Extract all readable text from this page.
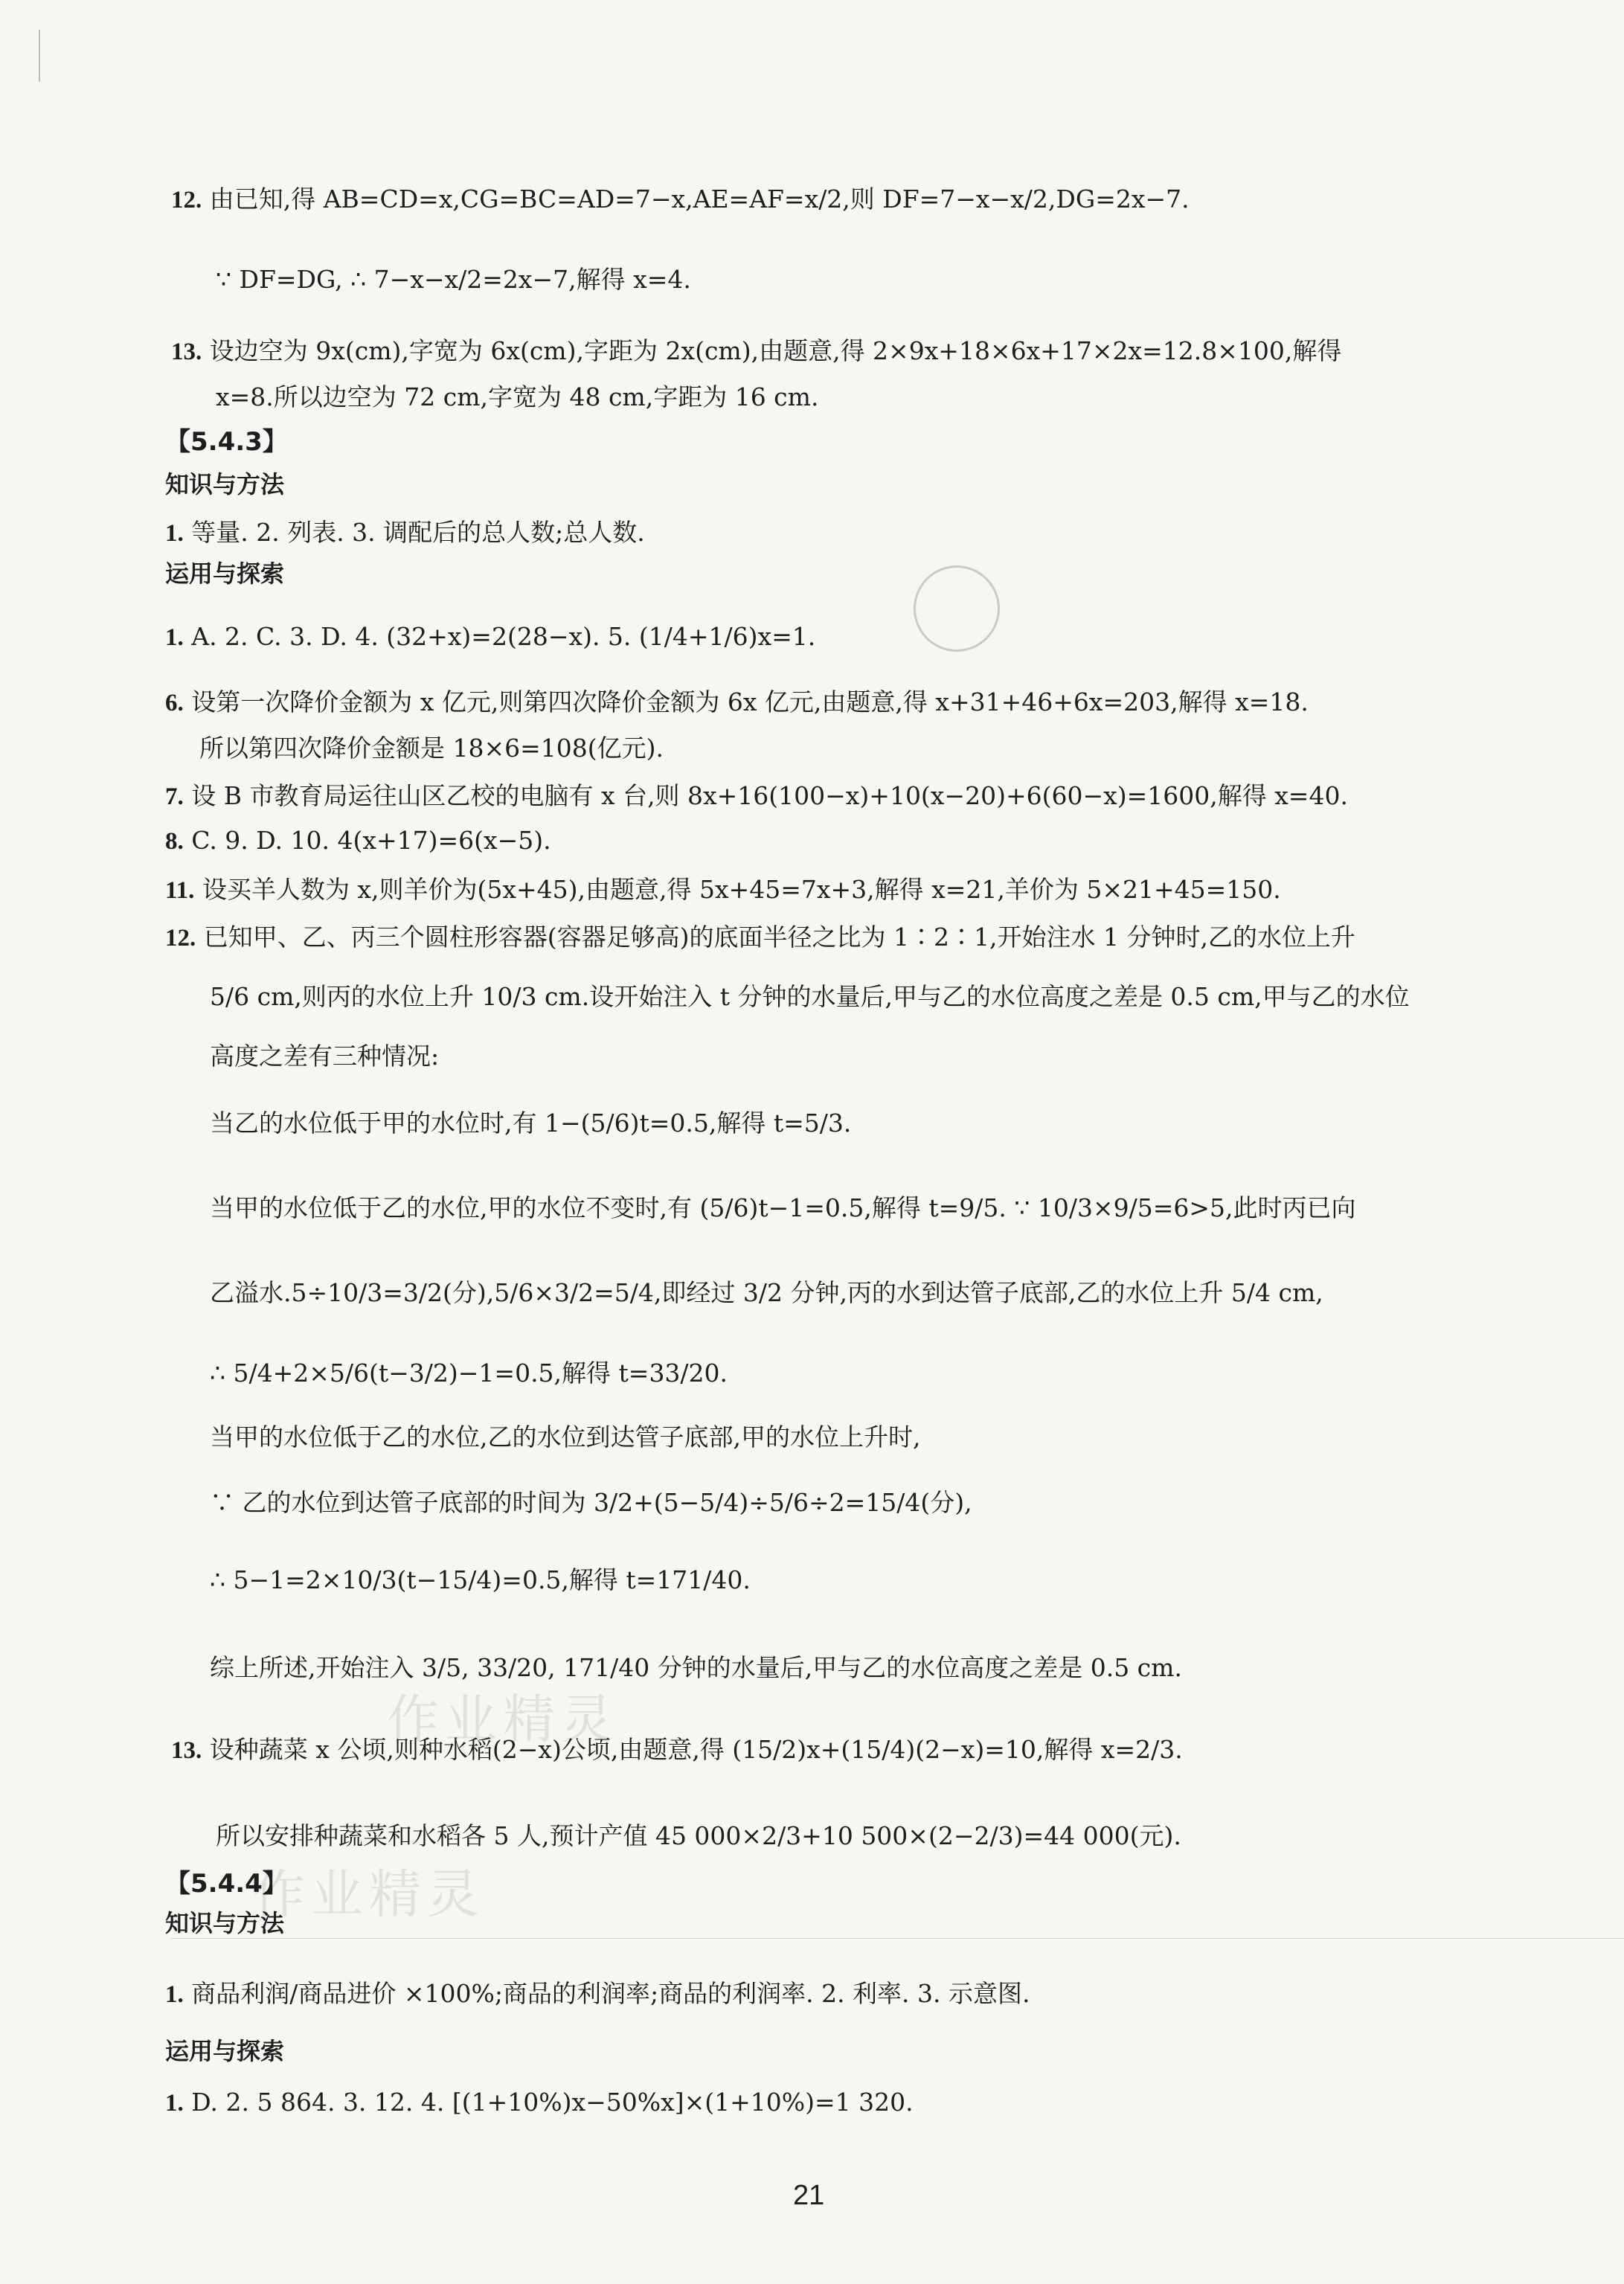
作业精灵
作业精灵
12. 由已知,得 AB=CD=x,CG=BC=AD=7−x,AE=AF=x/2,则 DF=7−x−x/2,DG=2x−7.
∵ DF=DG, ∴ 7−x−x/2=2x−7,解得 x=4.
13. 设边空为 9x(cm),字宽为 6x(cm),字距为 2x(cm),由题意,得 2×9x+18×6x+17×2x=12.8×100,解得
x=8.所以边空为 72 cm,字宽为 48 cm,字距为 16 cm.
【5.4.3】
知识与方法
1. 等量. 2. 列表. 3. 调配后的总人数;总人数.
运用与探索
1. A. 2. C. 3. D. 4. (32+x)=2(28−x). 5. (1/4+1/6)x=1.
6. 设第一次降价金额为 x 亿元,则第四次降价金额为 6x 亿元,由题意,得 x+31+46+6x=203,解得 x=18.
所以第四次降价金额是 18×6=108(亿元).
7. 设 B 市教育局运往山区乙校的电脑有 x 台,则 8x+16(100−x)+10(x−20)+6(60−x)=1600,解得 x=40.
8. C. 9. D. 10. 4(x+17)=6(x−5).
11. 设买羊人数为 x,则羊价为(5x+45),由题意,得 5x+45=7x+3,解得 x=21,羊价为 5×21+45=150.
12. 已知甲、乙、丙三个圆柱形容器(容器足够高)的底面半径之比为 1∶2∶1,开始注水 1 分钟时,乙的水位上升
5/6 cm,则丙的水位上升 10/3 cm.设开始注入 t 分钟的水量后,甲与乙的水位高度之差是 0.5 cm,甲与乙的水位
高度之差有三种情况:
当乙的水位低于甲的水位时,有 1−(5/6)t=0.5,解得 t=5/3.
当甲的水位低于乙的水位,甲的水位不变时,有 (5/6)t−1=0.5,解得 t=9/5. ∵ 10/3×9/5=6>5,此时丙已向
乙溢水.5÷10/3=3/2(分),5/6×3/2=5/4,即经过 3/2 分钟,丙的水到达管子底部,乙的水位上升 5/4 cm,
∴ 5/4+2×5/6(t−3/2)−1=0.5,解得 t=33/20.
当甲的水位低于乙的水位,乙的水位到达管子底部,甲的水位上升时,
∵ 乙的水位到达管子底部的时间为 3/2+(5−5/4)÷5/6÷2=15/4(分),
∴ 5−1=2×10/3(t−15/4)=0.5,解得 t=171/40.
综上所述,开始注入 3/5, 33/20, 171/40 分钟的水量后,甲与乙的水位高度之差是 0.5 cm.
13. 设种蔬菜 x 公顷,则种水稻(2−x)公顷,由题意,得 (15/2)x+(15/4)(2−x)=10,解得 x=2/3.
所以安排种蔬菜和水稻各 5 人,预计产值 45 000×2/3+10 500×(2−2/3)=44 000(元).
【5.4.4】
知识与方法
1. 商品利润/商品进价 ×100%;商品的利润率;商品的利润率. 2. 利率. 3. 示意图.
运用与探索
1. D. 2. 5 864. 3. 12. 4. [(1+10%)x−50%x]×(1+10%)=1 320.
21
